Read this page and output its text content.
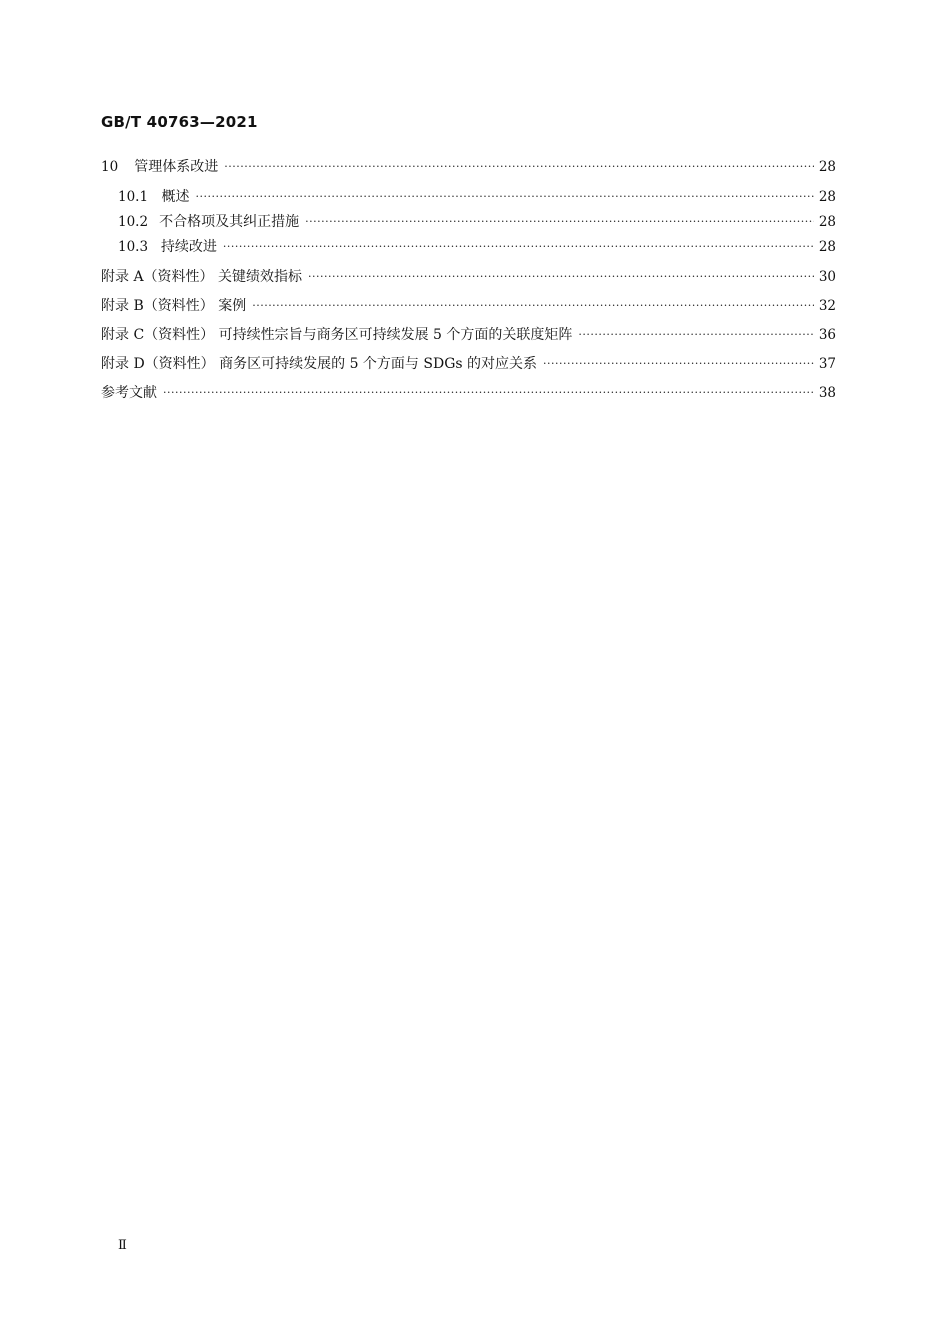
GB/T 40763—2021
10 管理体系改进 ·····	28
10.1 概述 ·····	28
10.2 不合格项及其纠正措施 ·····	28
10.3 持续改进 ·····	28
附录 A（资料性） 关键绩效指标 ·····	30
附录 B（资料性） 案例 ·····	32
附录 C（资料性） 可持续性宗旨与商务区可持续发展 5 个方面的关联度矩阵 ·····	36
附录 D（资料性） 商务区可持续发展的 5 个方面与 SDGs 的对应关系 ·····	37
参考文献 ·····	38
Ⅱ
